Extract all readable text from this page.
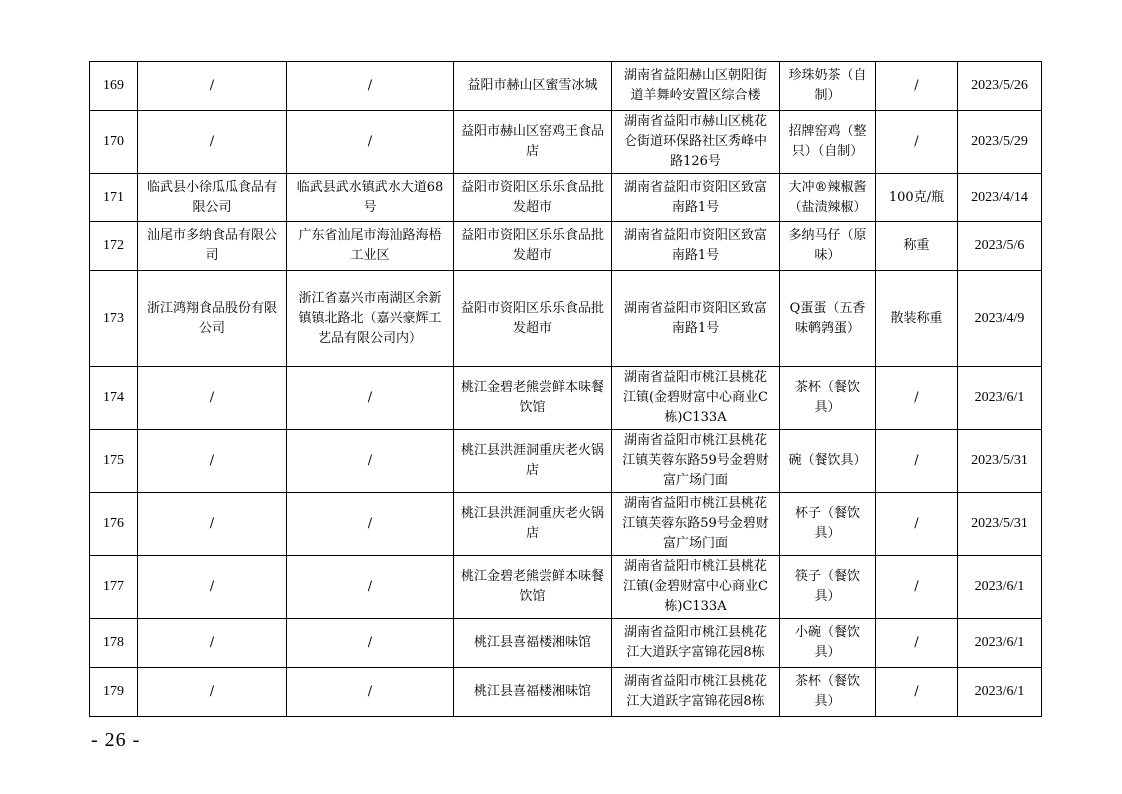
169	/	/	益阳市赫山区蜜雪冰城	湖南省益阳赫山区朝阳街道羊舞岭安置区综合楼	珍珠奶茶（自制）	/	2023/5/26
170	/	/	益阳市赫山区窑鸡王食品店	湖南省益阳市赫山区桃花仑街道环保路社区秀峰中路126号	招牌窑鸡（整只）（自制）	/	2023/5/29
171	临武县小徐瓜瓜食品有限公司	临武县武水镇武水大道68号	益阳市资阳区乐乐食品批发超市	湖南省益阳市资阳区致富南路1号	大冲®辣椒酱（盐渍辣椒）	100克/瓶	2023/4/14
172	汕尾市多纳食品有限公司	广东省汕尾市海汕路海梧工业区	益阳市资阳区乐乐食品批发超市	湖南省益阳市资阳区致富南路1号	多纳马仔（原味）	称重	2023/5/6
173	浙江鸿翔食品股份有限公司	浙江省嘉兴市南湖区余新镇镇北路北（嘉兴豪辉工艺品有限公司内）	益阳市资阳区乐乐食品批发超市	湖南省益阳市资阳区致富南路1号	Q蛋蛋（五香味鹌鹑蛋）	散装称重	2023/4/9
174	/	/	桃江金碧老熊尝鲜本味餐饮馆	湖南省益阳市桃江县桃花江镇(金碧财富中心商业C栋)C133A	茶杯（餐饮具）	/	2023/6/1
175	/	/	桃江县洪涯洞重庆老火锅店	湖南省益阳市桃江县桃花江镇芙蓉东路59号金碧财富广场门面	碗（餐饮具）	/	2023/5/31
176	/	/	桃江县洪涯洞重庆老火锅店	湖南省益阳市桃江县桃花江镇芙蓉东路59号金碧财富广场门面	杯子（餐饮具）	/	2023/5/31
177	/	/	桃江金碧老熊尝鲜本味餐饮馆	湖南省益阳市桃江县桃花江镇(金碧财富中心商业C栋)C133A	筷子（餐饮具）	/	2023/6/1
178	/	/	桃江县喜福楼湘味馆	湖南省益阳市桃江县桃花江大道跃字富锦花园8栋	小碗（餐饮具）	/	2023/6/1
179	/	/	桃江县喜福楼湘味馆	湖南省益阳市桃江县桃花江大道跃字富锦花园8栋	茶杯（餐饮具）	/	2023/6/1
- 26 -
